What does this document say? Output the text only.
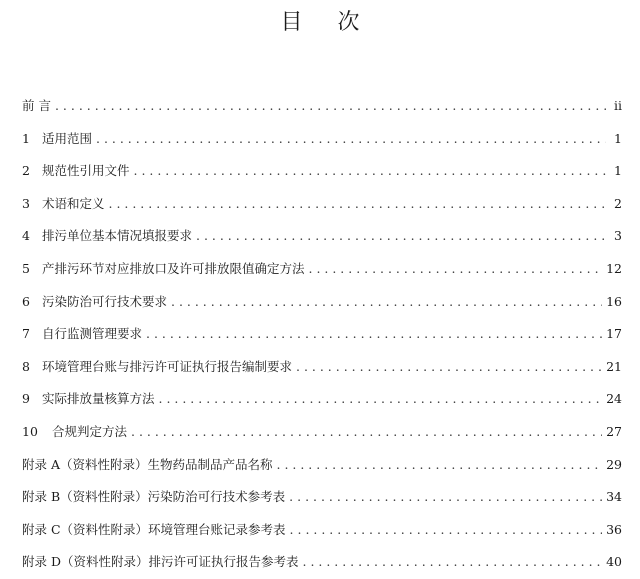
目 次
前 言 . . .	ii
1 适用范围 . . .	1
2 规范性引用文件 . . .	1
3 术语和定义 . . .	2
4 排污单位基本情况填报要求 . . .	3
5 产排污环节对应排放口及许可排放限值确定方法 . . .	12
6 污染防治可行技术要求 . . .	16
7 自行监测管理要求 . . .	17
8 环境管理台账与排污许可证执行报告编制要求 . . .	21
9 实际排放量核算方法 . . .	24
10	合规判定方法 . . .	27
附录 A（资料性附录）生物药品制品产品名称 . . .	29
附录 B（资料性附录）污染防治可行技术参考表 . . .	34
附录 C（资料性附录）环境管理台账记录参考表 . . .	36
附录 D（资料性附录）排污许可证执行报告参考表 . . .	40
